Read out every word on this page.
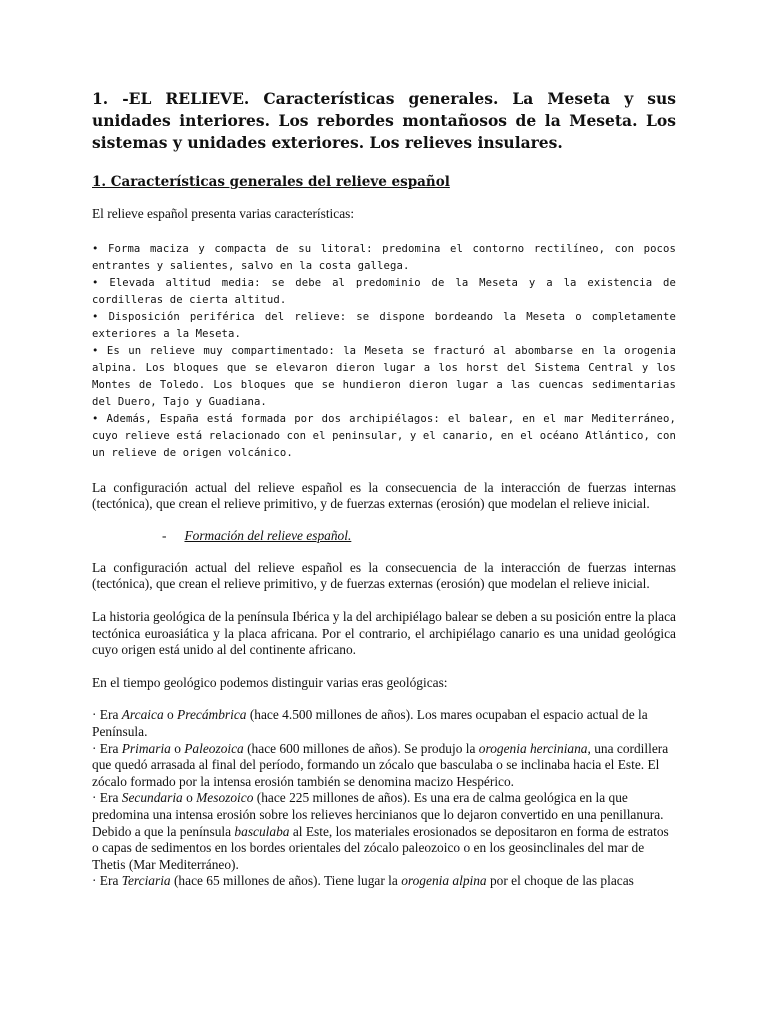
1. -EL RELIEVE. Características generales. La Meseta y sus unidades interiores. Los rebordes montañosos de la Meseta. Los sistemas y unidades exteriores. Los relieves insulares.
1. Características generales del relieve español

El relieve español presenta varias características:

• Forma maciza y compacta de su litoral: predomina el contorno rectilíneo, con pocos entrantes y salientes, salvo en la costa gallega.

• Elevada altitud media: se debe al predominio de la Meseta y a la existencia de cordilleras de cierta altitud.

• Disposición periférica del relieve: se dispone bordeando la Meseta o completamente exteriores a la Meseta.

• Es un relieve muy compartimentado: la Meseta se fracturó al abombarse en la orogenia alpina. Los bloques que se elevaron dieron lugar a los horst del Sistema Central y los Montes de Toledo. Los bloques que se hundieron dieron lugar a las cuencas sedimentarias del Duero, Tajo y Guadiana.

• Además, España está formada por dos archipiélagos: el balear, en el mar Mediterráneo, cuyo relieve está relacionado con el peninsular, y el canario, en el océano Atlántico, con un relieve de origen volcánico.

La configuración actual del relieve español es la consecuencia de la interacción de fuerzas internas (tectónica), que crean el relieve primitivo, y de fuerzas externas (erosión) que modelan el relieve inicial.

- Formación del relieve español.

La configuración actual del relieve español es la consecuencia de la interacción de fuerzas internas (tectónica), que crean el relieve primitivo, y de fuerzas externas (erosión) que modelan el relieve inicial.

La historia geológica de la península Ibérica y la del archipiélago balear se deben a su posición entre la placa tectónica euroasiática y la placa africana. Por el contrario, el archipiélago canario es una unidad geológica cuyo origen está unido al del continente africano.

En el tiempo geológico podemos distinguir varias eras geológicas:

· Era Arcaica o Precámbrica (hace 4.500 millones de años). Los mares ocupaban el espacio actual de la Península.

· Era Primaria o Paleozoica (hace 600 millones de años). Se produjo la orogenia herciniana, una cordillera que quedó arrasada al final del período, formando un zócalo que basculaba o se inclinaba hacia el Este. El zócalo formado por la intensa erosión también se denomina macizo Hespérico.

· Era Secundaria o Mesozoico (hace 225 millones de años). Es una era de calma geológica en la que predomina una intensa erosión sobre los relieves hercinianos que lo dejaron convertido en una penillanura. Debido a que la península basculaba al Este, los materiales erosionados se depositaron en forma de estratos o capas de sedimentos en los bordes orientales del zócalo paleozoico o en los geosinclinales del mar de Thetis (Mar Mediterráneo).

· Era Terciaria (hace 65 millones de años). Tiene lugar la orogenia alpina por el choque de las placas
